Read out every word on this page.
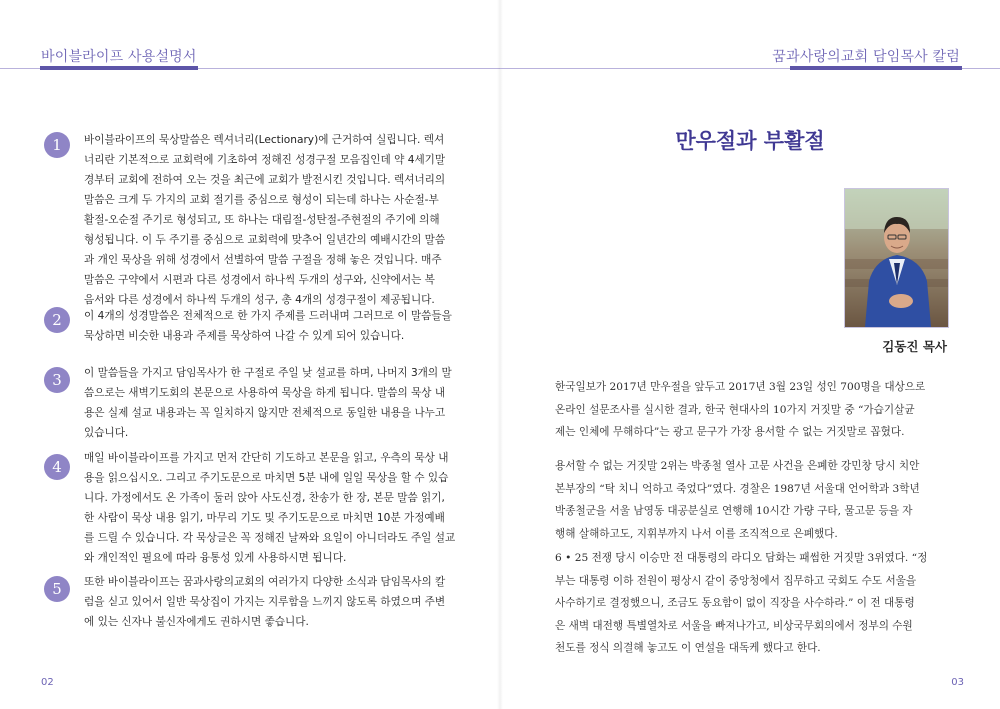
바이블라이프 사용설명서
1	바이블라이프의 묵상말씀은 렉셔너리(Lectionary)에 근거하여 실립니다. 렉셔
너리란 기본적으로 교회력에 기초하여 정해진 성경구절 모음집인데 약 4세기말
경부터 교회에 전하여 오는 것을 최근에 교회가 발전시킨 것입니다. 렉셔너리의
말씀은 크게 두 가지의 교회 절기를 중심으로 형성이 되는데 하나는 사순절-부
활절-오순절 주기로 형성되고, 또 하나는 대림절-성탄절-주현절의 주기에 의해
형성됩니다. 이 두 주기를 중심으로 교회력에 맞추어 일년간의 예배시간의 말씀
과 개인 묵상을 위해 성경에서 선별하여 말씀 구절을 정해 놓은 것입니다. 매주
말씀은 구약에서 시편과 다른 성경에서 하나씩 두개의 성구와, 신약에서는 복
음서와 다른 성경에서 하나씩 두개의 성구, 총 4개의 성경구절이 제공됩니다.
2	이 4개의 성경말씀은 전체적으로 한 가지 주제를 드러내며 그러므로 이 말씀들을
묵상하면 비슷한 내용과 주제를 묵상하여 나갈 수 있게 되어 있습니다.
3	이 말씀들을 가지고 담임목사가 한 구절로 주일 낮 설교를 하며, 나머지 3개의 말
씀으로는 새벽기도회의 본문으로 사용하여 묵상을 하게 됩니다. 말씀의 묵상 내
용은 실제 설교 내용과는 꼭 일치하지 않지만 전체적으로 동일한 내용을 나누고
있습니다.
4	매일 바이블라이프를 가지고 먼저 간단히 기도하고 본문을 읽고, 우측의 묵상 내
용을 읽으십시오. 그리고 주기도문으로 마치면 5분 내에 일일 묵상을 할 수 있습
니다. 가정에서도 온 가족이 둘러 앉아 사도신경, 찬송가 한 장, 본문 말씀 읽기,
한 사람이 묵상 내용 읽기, 마무리 기도 및 주기도문으로 마치면 10분 가정예배
를 드릴 수 있습니다. 각 묵상글은 꼭 정해진 날짜와 요일이 아니더라도 주일 설교
와 개인적인 필요에 따라 융통성 있게 사용하시면 됩니다.
5	또한 바이블라이프는 꿈과사랑의교회의 여러가지 다양한 소식과 담임목사의 칼
럼을 싣고 있어서 일반 묵상집이 가지는 지루함을 느끼지 않도록 하였으며 주변
에 있는 신자나 불신자에게도 권하시면 좋습니다.
02
꿈과사랑의교회 담임목사 칼럼
만우절과 부활절
김동진 목사
한국일보가 2017년 만우절을 앞두고 2017년 3월 23일 성인 700명을 대상으로
온라인 설문조사를 실시한 결과, 한국 현대사의 10가지 거짓말 중 “가습기살균
제는 인체에 무해하다”는 광고 문구가 가장 용서할 수 없는 거짓말로 꼽혔다.
용서할 수 없는 거짓말 2위는 박종철 열사 고문 사건을 은폐한 강민창 당시 치안
본부장의 “탁 치니 억하고 죽었다”였다. 경찰은 1987년 서울대 언어학과 3학년
박종철군을 서울 남영동 대공분실로 연행해 10시간 가량 구타, 물고문 등을 자
행해 살해하고도, 지휘부까지 나서 이를 조직적으로 은폐했다.
6 • 25 전쟁 당시 이승만 전 대통령의 라디오 담화는 패썸한 거짓말 3위였다. “정
부는 대통령 이하 전원이 평상시 같이 중앙청에서 집무하고 국회도 수도 서울을
사수하기로 결정했으니, 조금도 동요함이 없이 직장을 사수하라.” 이 전 대통령
은 새벽 대전행 특별열차로 서울을 빠져나가고, 비상국무회의에서 정부의 수원
천도를 정식 의결해 놓고도 이 연설을 대독케 했다고 한다.
03
